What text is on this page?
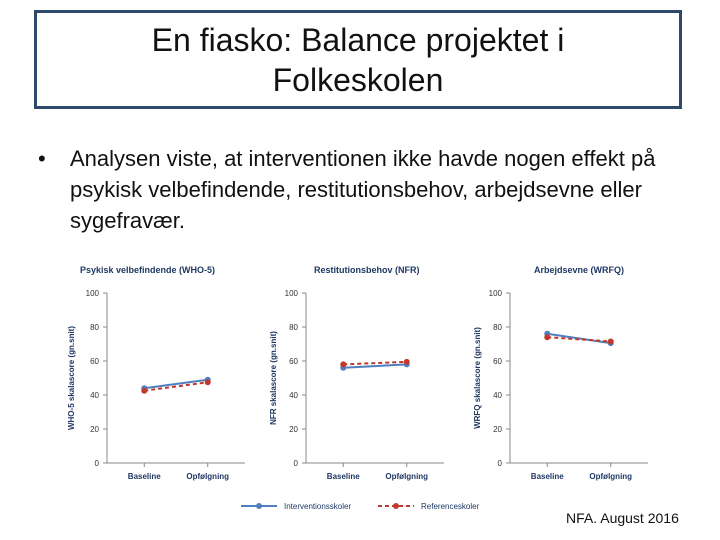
En fiasko: Balance projektet i
Folkeskolen
• Analysen viste, at interventionen ikke havde nogen effekt på psykisk velbefindende, restitutionsbehov, arbejdsevne eller sygefravær.
Psykisk velbefindende (WHO-5)
0
20
40
60
80
100
WHO-5 skalascore (gn.snit)
Baseline	Opfølgning
Restitutionsbehov (NFR)
0
20
40
60
80
100
NFR skalascore (gn.snit)
Baseline	Opfølgning
Arbejdsevne (WRFQ)
0
20
40
60
80
100
WRFQ skalascore (gn.snit)
Baseline	Opfølgning
Interventionsskoler	Referenceskoler
NFA. August 2016
